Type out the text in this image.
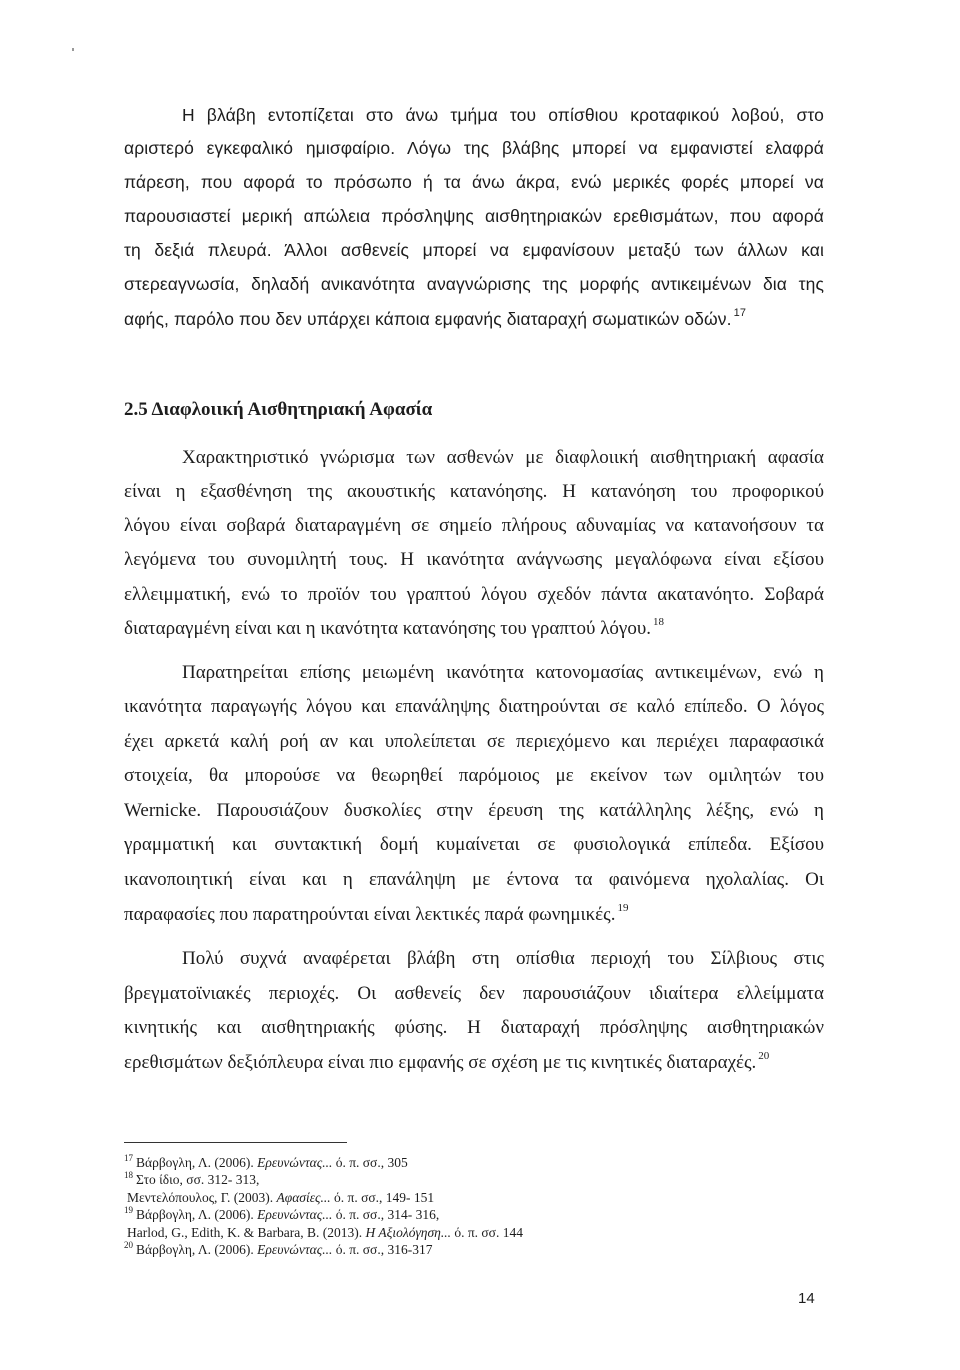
Η βλάβη εντοπίζεται στο άνω τμήμα του οπίσθιου κροταφικού λοβού, στο
αριστερό εγκεφαλικό ημισφαίριο. Λόγω της βλάβης μπορεί να εμφανιστεί ελαφρά
πάρεση, που αφορά το πρόσωπο ή τα άνω άκρα, ενώ μερικές φορές μπορεί να
παρουσιαστεί μερική απώλεια πρόσληψης αισθητηριακών ερεθισμάτων, που αφορά
τη δεξιά πλευρά. Άλλοι ασθενείς μπορεί να εμφανίσουν μεταξύ των άλλων και
στερεαγνωσία, δηλαδή ανικανότητα αναγνώρισης της μορφής αντικειμένων δια της
αφής, παρόλο που δεν υπάρχει κάποια εμφανής διαταραχή σωματικών οδών. $^{17}$
2.5 Διαφλοιική Αισθητηριακή Αφασία
Χαρακτηριστικό γνώρισμα των ασθενών με διαφλοιική αισθητηριακή αφασία
είναι η εξασθένηση της ακουστικής κατανόησης. Η κατανόηση του προφορικού
λόγου είναι σοβαρά διαταραγμένη σε σημείο πλήρους αδυναμίας να κατανοήσουν τα
λεγόμενα του συνομιλητή τους. Η ικανότητα ανάγνωσης μεγαλόφωνα είναι εξίσου
ελλειμματική, ενώ το προϊόν του γραπτού λόγου σχεδόν πάντα ακατανόητο. Σοβαρά
διαταραγμένη είναι και η ικανότητα κατανόησης του γραπτού λόγου. $^{18}$
Παρατηρείται επίσης μειωμένη ικανότητα κατονομασίας αντικειμένων, ενώ η
ικανότητα παραγωγής λόγου και επανάληψης διατηρούνται σε καλό επίπεδο. Ο λόγος
έχει αρκετά καλή ροή αν και υπολείπεται σε περιεχόμενο και περιέχει παραφασικά
στοιχεία, θα μπορούσε να θεωρηθεί παρόμοιος με εκείνον των ομιλητών του
Wernicke. Παρουσιάζουν δυσκολίες στην έρευση της κατάλληλης λέξης, ενώ η
γραμματική και συντακτική δομή κυμαίνεται σε φυσιολογικά επίπεδα. Εξίσου
ικανοποιητική είναι και η επανάληψη με έντονα τα φαινόμενα ηχολαλίας. Οι
παραφασίες που παρατηρούνται είναι λεκτικές παρά φωνημικές. $^{19}$
Πολύ συχνά αναφέρεται βλάβη στη οπίσθια περιοχή του Σίλβιους στις
βρεγματοϊνιακές περιοχές. Οι ασθενείς δεν παρουσιάζουν ιδιαίτερα ελλείμματα
κινητικής και αισθητηριακής φύσης. Η διαταραχή πρόσληψης αισθητηριακών
ερεθισμάτων δεξιόπλευρα είναι πιο εμφανής σε σχέση με τις κινητικές διαταραχές. $^{20}$
$^{17}$ Βάρβογλη, Λ. (2006). Ερευνώντας... ό. π. σσ., 305
$^{18}$ Στο ίδιο, σσ. 312- 313,
Μεντελόπουλος, Γ. (2003). Αφασίες... ό. π. σσ., 149- 151
$^{19}$ Βάρβογλη, Λ. (2006). Ερευνώντας... ό. π. σσ., 314- 316,
Harlod, G., Edith, K. & Barbara, B. (2013). Η Αξιολόγηση... ό. π. σσ. 144
$^{20}$ Βάρβογλη, Λ. (2006). Ερευνώντας... ό. π. σσ., 316-317
14
